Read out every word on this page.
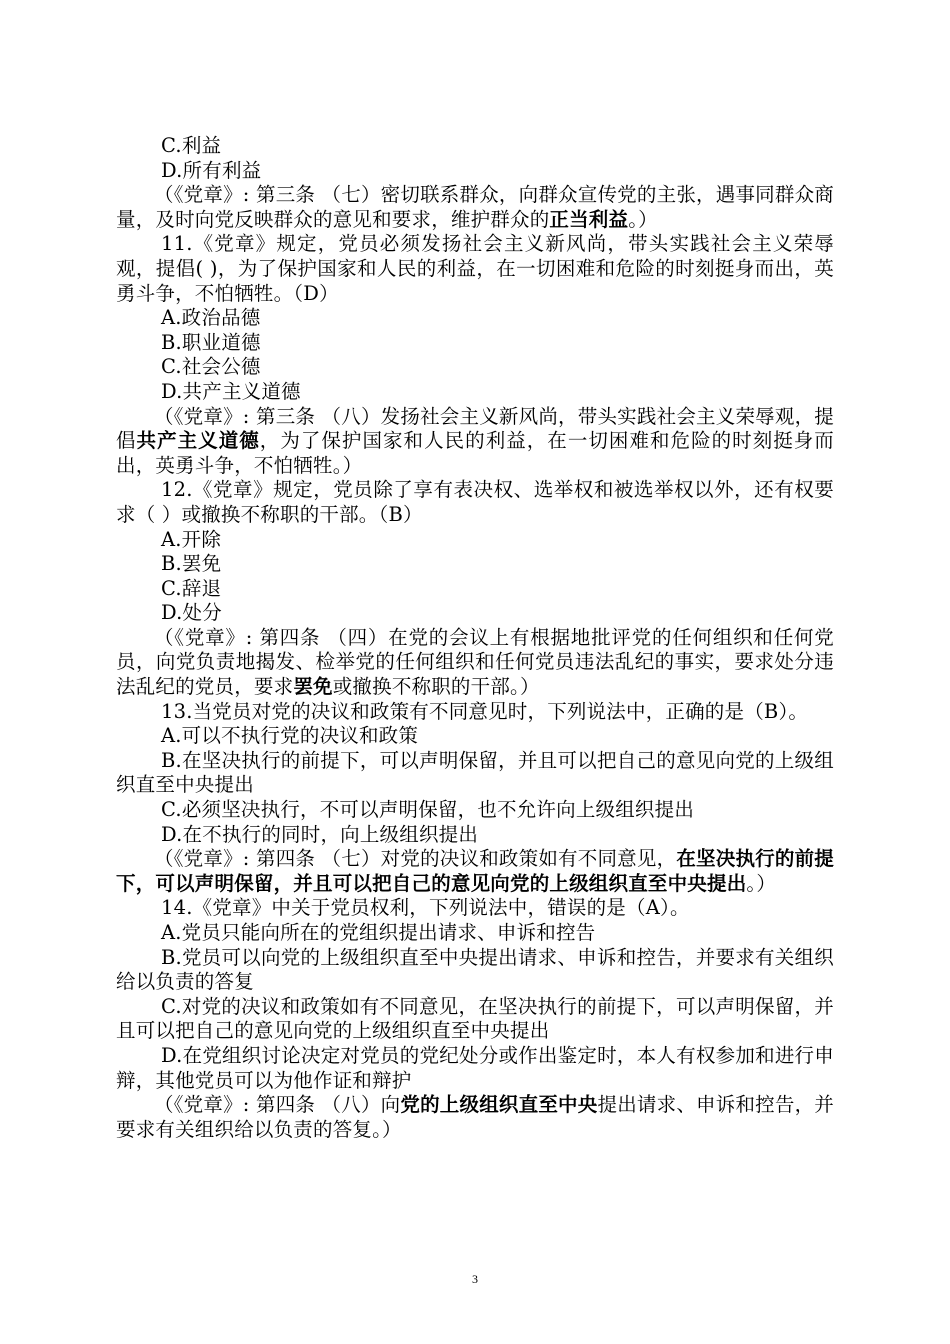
C.利益

D.所有利益

（《党章》: 第三条 （七）密切联系群众，向群众宣传党的主张，遇事同群众商量，及时向党反映群众的意见和要求，维护群众的正当利益。）

11.《党章》规定，党员必须发扬社会主义新风尚，带头实践社会主义荣辱观，提倡( )，为了保护国家和人民的利益，在一切困难和危险的时刻挺身而出，英勇斗争，不怕牺牲。（D）

A.政治品德

B.职业道德

C.社会公德

D.共产主义道德

（《党章》: 第三条 （八）发扬社会主义新风尚，带头实践社会主义荣辱观，提倡共产主义道德，为了保护国家和人民的利益，在一切困难和危险的时刻挺身而出，英勇斗争，不怕牺牲。）

12.《党章》规定，党员除了享有表决权、选举权和被选举权以外，还有权要求（ ）或撤换不称职的干部。（B）

A.开除

B.罢免

C.辞退

D.处分

（《党章》: 第四条 （四）在党的会议上有根据地批评党的任何组织和任何党员，向党负责地揭发、检举党的任何组织和任何党员违法乱纪的事实，要求处分违法乱纪的党员，要求罢免或撤换不称职的干部。）

13.当党员对党的决议和政策有不同意见时，下列说法中，正确的是（B）。

A.可以不执行党的决议和政策

B.在坚决执行的前提下，可以声明保留，并且可以把自己的意见向党的上级组织直至中央提出

C.必须坚决执行，不可以声明保留，也不允许向上级组织提出

D.在不执行的同时，向上级组织提出

（《党章》: 第四条 （七）对党的决议和政策如有不同意见，在坚决执行的前提下，可以声明保留，并且可以把自己的意见向党的上级组织直至中央提出。）

14.《党章》中关于党员权利，下列说法中，错误的是（A）。

A.党员只能向所在的党组织提出请求、申诉和控告

B.党员可以向党的上级组织直至中央提出请求、申诉和控告，并要求有关组织给以负责的答复

C.对党的决议和政策如有不同意见，在坚决执行的前提下，可以声明保留，并且可以把自己的意见向党的上级组织直至中央提出

D.在党组织讨论决定对党员的党纪处分或作出鉴定时，本人有权参加和进行申辩，其他党员可以为他作证和辩护

（《党章》: 第四条 （八）向党的上级组织直至中央提出请求、申诉和控告，并要求有关组织给以负责的答复。）

3
